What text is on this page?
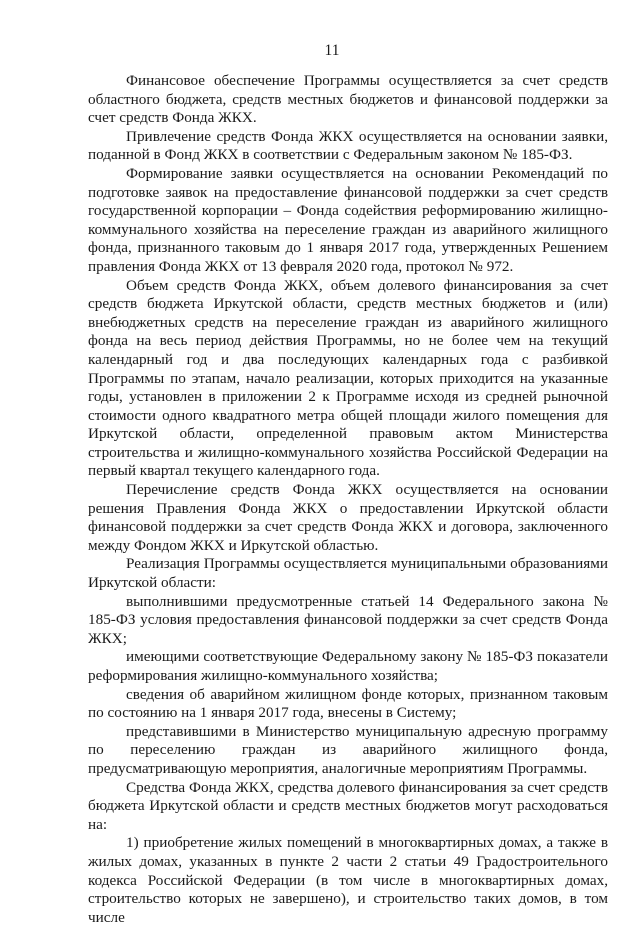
11

Финансовое обеспечение Программы осуществляется за счет средств областного бюджета, средств местных бюджетов и финансовой поддержки за счет средств Фонда ЖКХ.

Привлечение средств Фонда ЖКХ осуществляется на основании заявки, поданной в Фонд ЖКХ в соответствии с Федеральным законом № 185-ФЗ.

Формирование заявки осуществляется на основании Рекомендаций по подготовке заявок на предоставление финансовой поддержки за счет средств государственной корпорации – Фонда содействия реформированию жилищно-коммунального хозяйства на переселение граждан из аварийного жилищного фонда, признанного таковым до 1 января 2017 года, утвержденных Решением правления Фонда ЖКХ от 13 февраля 2020 года, протокол № 972.

Объем средств Фонда ЖКХ, объем долевого финансирования за счет средств бюджета Иркутской области, средств местных бюджетов и (или) внебюджетных средств на переселение граждан из аварийного жилищного фонда на весь период действия Программы, но не более чем на текущий календарный год и два последующих календарных года с разбивкой Программы по этапам, начало реализации, которых приходится на указанные годы, установлен в приложении 2 к Программе исходя из средней рыночной стоимости одного квадратного метра общей площади жилого помещения для Иркутской области, определенной правовым актом Министерства строительства и жилищно-коммунального хозяйства Российской Федерации на первый квартал текущего календарного года.

Перечисление средств Фонда ЖКХ осуществляется на основании решения Правления Фонда ЖКХ о предоставлении Иркутской области финансовой поддержки за счет средств Фонда ЖКХ и договора, заключенного между Фондом ЖКХ и Иркутской областью.

Реализация Программы осуществляется муниципальными образованиями Иркутской области:

выполнившими предусмотренные статьей 14 Федерального закона № 185-ФЗ условия предоставления финансовой поддержки за счет средств Фонда ЖКХ;

имеющими соответствующие Федеральному закону № 185-ФЗ показатели реформирования жилищно-коммунального хозяйства;

сведения об аварийном жилищном фонде которых, признанном таковым по состоянию на 1 января 2017 года, внесены в Систему;

представившими в Министерство муниципальную адресную программу по переселению граждан из аварийного жилищного фонда, предусматривающую мероприятия, аналогичные мероприятиям Программы.

Средства Фонда ЖКХ, средства долевого финансирования за счет средств бюджета Иркутской области и средств местных бюджетов могут расходоваться на:

1) приобретение жилых помещений в многоквартирных домах, а также в жилых домах, указанных в пункте 2 части 2 статьи 49 Градостроительного кодекса Российской Федерации (в том числе в многоквартирных домах, строительство которых не завершено), и строительство таких домов, в том числе
